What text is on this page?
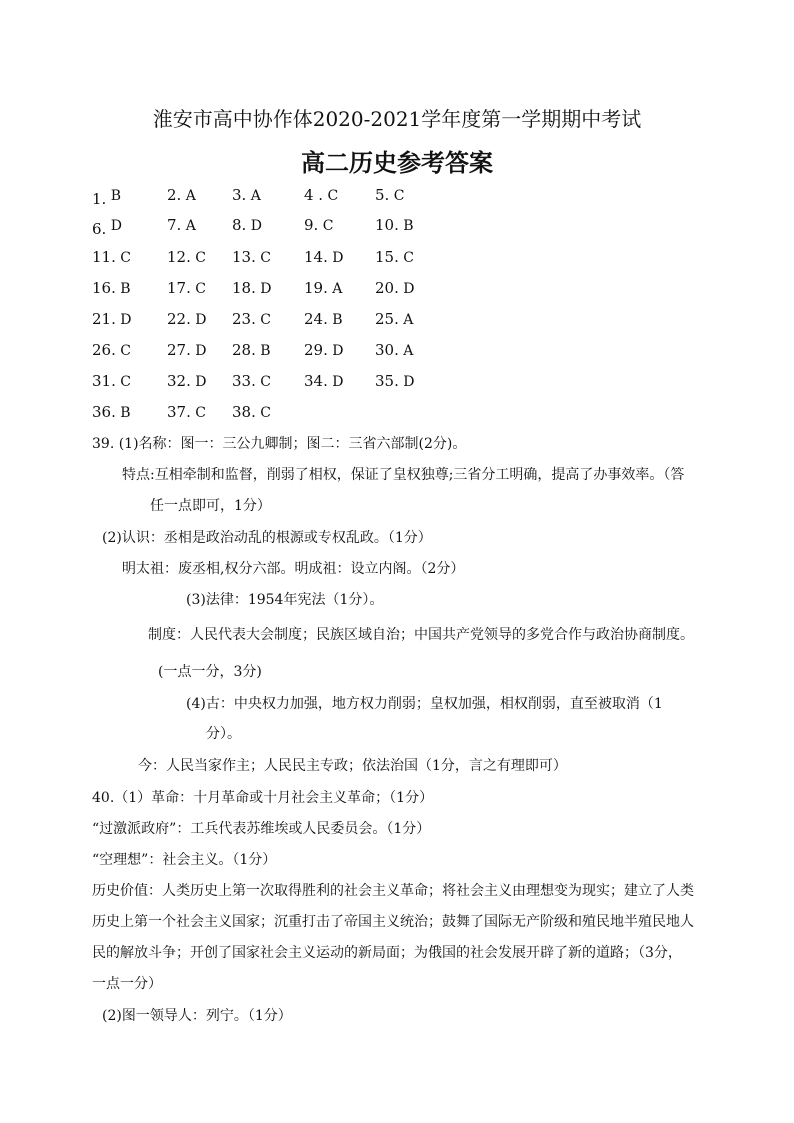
淮安市高中协作体2020-2021学年度第一学期期中考试
高二历史参考答案
1. B	2. A 3. A	4 . C 5. C
6. D	7. A 8. D	9. C	10. B
11. C 12. C 13. C 14. D 15. C
16. B 17. C 18. D 19. A 20. D
21. D 22. D 23. C 24. B 25. A
26. C 27. D 28. B 29. D 30. A
31. C 32. D 33. C 34. D 35. D
36. B 37. C 38. C
39. (1)名称：图一：三公九卿制；图二：三省六部制(2分)。
特点:互相牵制和监督，削弱了相权，保证了皇权独尊;三省分工明确，提高了办事效率。（答
任一点即可，1分）
(2)认识：丞相是政治动乱的根源或专权乱政。（1分）
明太祖：废丞相,权分六部。明成祖：设立内阁。（2分）
(3)法律：1954年宪法（1分）。
制度：人民代表大会制度；民族区域自治；中国共产党领导的多党合作与政治协商制度。
(一点一分，3分)
(4)古：中央权力加强，地方权力削弱；皇权加强，相权削弱，直至被取消（1
分）。
今：人民当家作主；人民民主专政；依法治国（1分，言之有理即可）
40.（1）革命：十月革命或十月社会主义革命；（1分）
“过激派政府”：工兵代表苏维埃或人民委员会。（1分）
“空理想”：社会主义。（1分）
历史价值：人类历史上第一次取得胜利的社会主义革命；将社会主义由理想变为现实；建立了人类
历史上第一个社会主义国家；沉重打击了帝国主义统治；鼓舞了国际无产阶级和殖民地半殖民地人
民的解放斗争；开创了国家社会主义运动的新局面；为俄国的社会发展开辟了新的道路；（3分，
一点一分）
(2)图一领导人：列宁。（1分）
